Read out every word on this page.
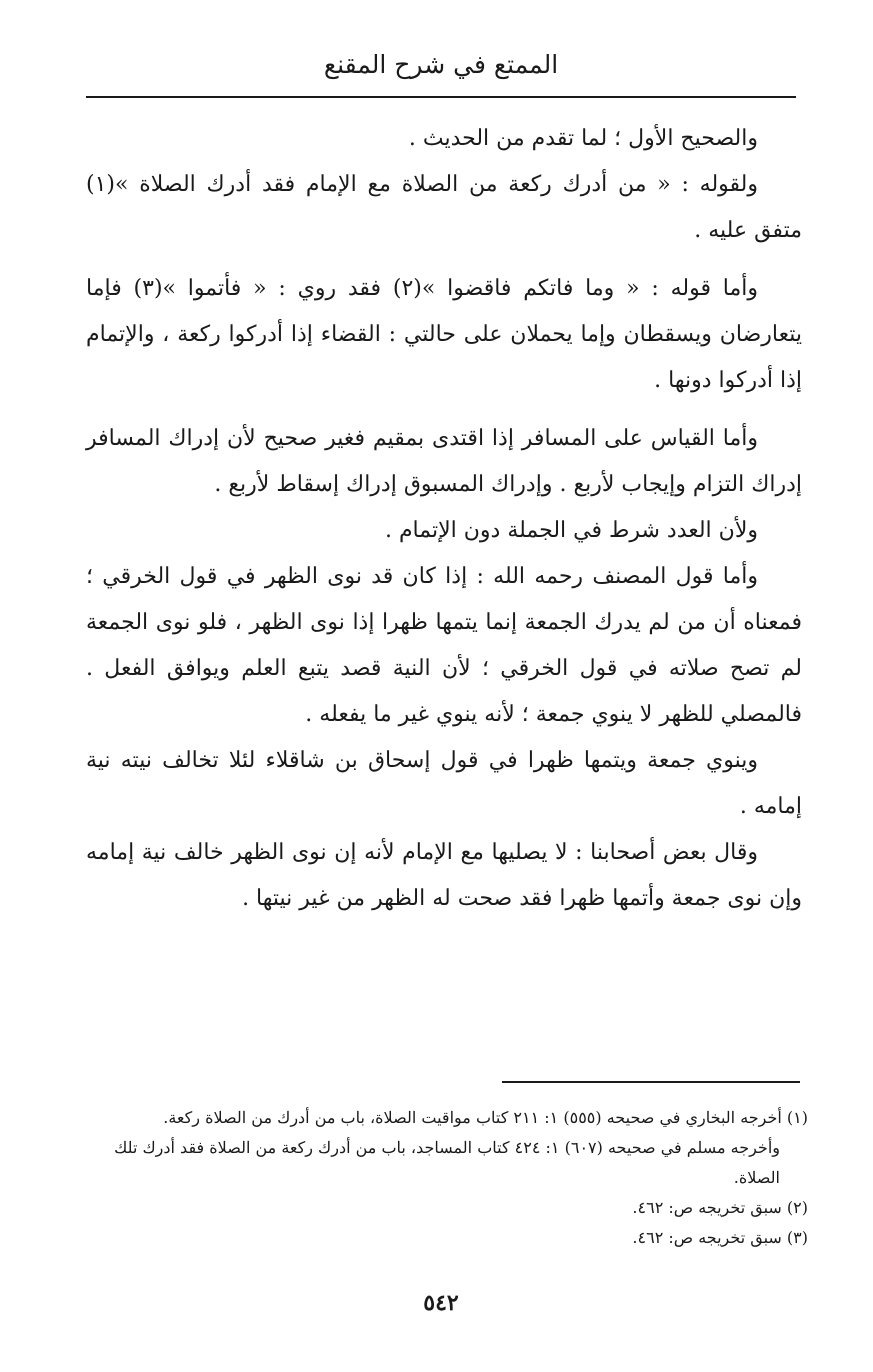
الممتع في شرح المقنع

والصحيح الأول ؛ لما تقدم من الحديث .

ولقوله : « من أدرك ركعة من الصلاة مع الإمام فقد أدرك الصلاة »(١) متفق عليه .

وأما قوله : « وما فاتكم فاقضوا »(٢) فقد روي : « فأتموا »(٣) فإما يتعارضان ويسقطان وإما يحملان على حالتي : القضاء إذا أدركوا ركعة ، والإتمام إذا أدركوا دونها .

وأما القياس على المسافر إذا اقتدى بمقيم فغير صحيح لأن إدراك المسافر إدراك التزام وإيجاب لأربع . وإدراك المسبوق إدراك إسقاط لأربع .

ولأن العدد شرط في الجملة دون الإتمام .

وأما قول المصنف رحمه الله : إذا كان قد نوى الظهر في قول الخرقي ؛ فمعناه أن من لم يدرك الجمعة إنما يتمها ظهرا إذا نوى الظهر ، فلو نوى الجمعة لم تصح صلاته في قول الخرقي ؛ لأن النية قصد يتبع العلم ويوافق الفعل . فالمصلي للظهر لا ينوي جمعة ؛ لأنه ينوي غير ما يفعله .

وينوي جمعة ويتمها ظهرا في قول إسحاق بن شاقلاء لئلا تخالف نيته نية إمامه .

وقال بعض أصحابنا : لا يصليها مع الإمام لأنه إن نوى الظهر خالف نية إمامه وإن نوى جمعة وأتمها ظهرا فقد صحت له الظهر من غير نيتها .

(١) أخرجه البخاري في صحيحه (٥٥٥) ١: ٢١١ كتاب مواقيت الصلاة، باب من أدرك من الصلاة ركعة.

وأخرجه مسلم في صحيحه (٦٠٧) ١: ٤٢٤ كتاب المساجد، باب من أدرك ركعة من الصلاة فقد أدرك تلك الصلاة.

(٢) سبق تخريجه ص: ٤٦٢.

(٣) سبق تخريجه ص: ٤٦٢.

٥٤٢
